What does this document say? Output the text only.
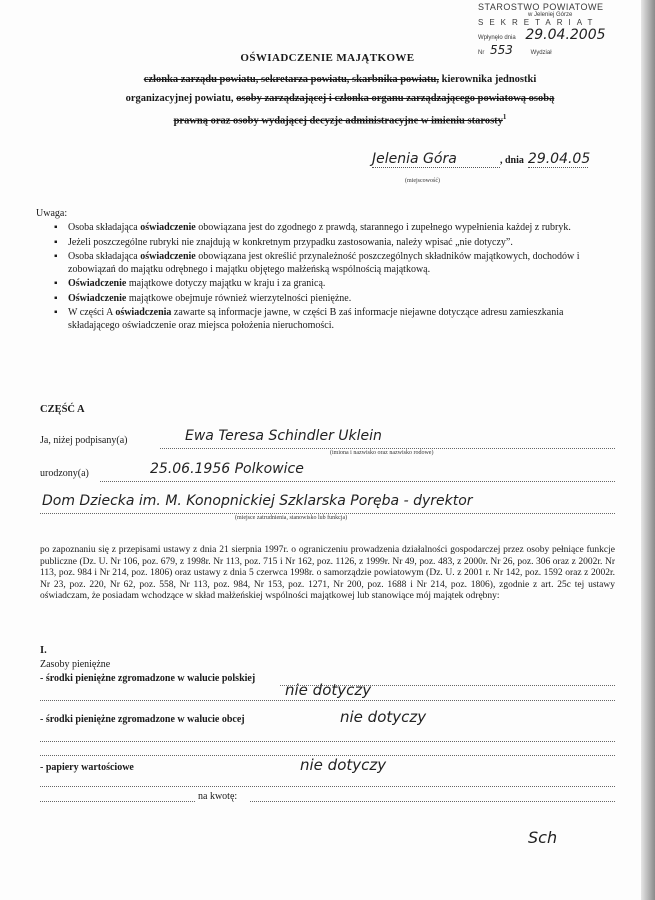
STAROSTWO POWIATOWE
w Jeleniej Górze
SEKRETARIAT
Wpłynęło dnia 29.04.2005
Nr 553	Wydział
OŚWIADCZENIE MAJĄTKOWE
członka zarządu powiatu, sekretarza powiatu, skarbnika powiatu, kierownika jednostki
organizacyjnej powiatu, osoby zarządzającej i członka organu zarządzającego powiatową osobą
prawną oraz osoby wydającej decyzje administracyjne w imieniu starosty$^1$
Jelenia Góra	, dnia 29.04.05
(miejscowość)
Uwaga:
▪ Osoba składająca oświadczenie obowiązana jest do zgodnego z prawdą, starannego i zupełnego wypełnienia każdej z rubryk.
▪ Jeżeli poszczególne rubryki nie znajdują w konkretnym przypadku zastosowania, należy wpisać „nie dotyczy”.
▪ Osoba składająca oświadczenie obowiązana jest określić przynależność poszczególnych składników majątkowych, dochodów i zobowiązań do majątku odrębnego i majątku objętego małżeńską wspólnością majątkową.
▪ Oświadczenie majątkowe dotyczy majątku w kraju i za granicą.
▪ Oświadczenie majątkowe obejmuje również wierzytelności pieniężne.
▪ W części A oświadczenia zawarte są informacje jawne, w części B zaś informacje niejawne dotyczące adresu zamieszkania składającego oświadczenie oraz miejsca położenia nieruchomości.
CZĘŚĆ A
Ja, niżej podpisany(a)	Ewa Teresa Schindler Uklein
(imiona i nazwisko oraz nazwisko rodowe)
urodzony(a)	25.06.1956 Polkowice
Dom Dziecka im. M. Konopnickiej Szklarska Poręba - dyrektor
(miejsce zatrudnienia, stanowisko lub funkcja)
po zapoznaniu się z przepisami ustawy z dnia 21 sierpnia 1997r. o ograniczeniu prowadzenia działalności gospodarczej przez osoby pełniące funkcje publiczne (Dz. U. Nr 106, poz. 679, z 1998r. Nr 113, poz. 715 i Nr 162, poz. 1126, z 1999r. Nr 49, poz. 483, z 2000r. Nr 26, poz. 306 oraz z 2002r. Nr 113, poz. 984 i Nr 214, poz. 1806) oraz ustawy z dnia 5 czerwca 1998r. o samorządzie powiatowym (Dz. U. z 2001 r. Nr 142, poz. 1592 oraz z 2002r. Nr 23, poz. 220, Nr 62, poz. 558, Nr 113, poz. 984, Nr 153, poz. 1271, Nr 200, poz. 1688 i Nr 214, poz. 1806), zgodnie z art. 25c tej ustawy oświadczam, że posiadam wchodzące w skład małżeńskiej wspólności majątkowej lub stanowiące mój majątek odrębny:
I.
Zasoby pieniężne
- środki pieniężne zgromadzone w walucie polskiej
nie dotyczy
- środki pieniężne zgromadzone w walucie obcej	nie dotyczy
- papiery wartościowe	nie dotyczy
na kwotę:
Sch
